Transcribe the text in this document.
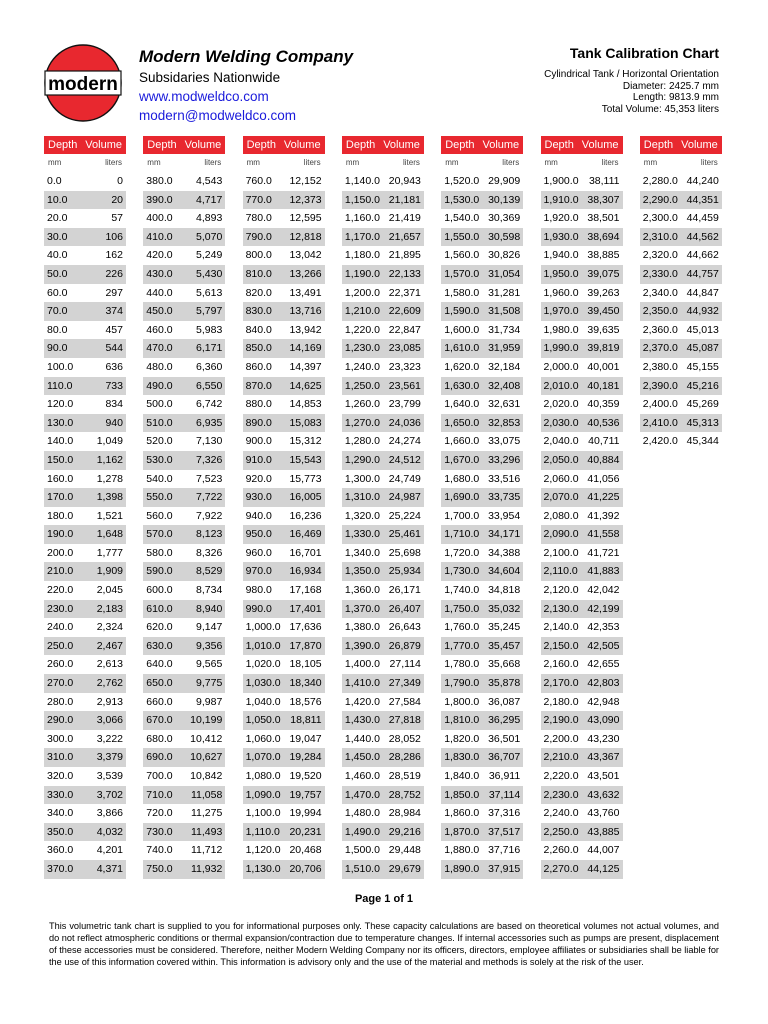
modern
Modern Welding Company
Subsidaries Nationwide
www.modweldco.com
modern@modweldco.com
Tank Calibration Chart
Cylindrical Tank / Horizontal Orientation
Diameter: 2425.7 mm
Length: 9813.9 mm
Total Volume: 45,353 liters
Depth Volume
mm	liters
0.0	0
10.0	20
20.0	57
30.0	106
40.0	162
50.0	226
60.0	297
70.0	374
80.0	457
90.0	544
100.0	636
110.0	733
120.0	834
130.0	940
140.0 1,049
150.0 1,162
160.0 1,278
170.0 1,398
180.0 1,521
190.0 1,648
200.0 1,777
210.0 1,909
220.0 2,045
230.0 2,183
240.0 2,324
250.0 2,467
260.0 2,613
270.0 2,762
280.0 2,913
290.0 3,066
300.0 3,222
310.0 3,379
320.0 3,539
330.0 3,702
340.0 3,866
350.0 4,032
360.0 4,201
370.0 4,371
Depth Volume
mm	liters
380.0 4,543
390.0 4,717
400.0 4,893
410.0 5,070
420.0 5,249
430.0 5,430
440.0 5,613
450.0 5,797
460.0 5,983
470.0 6,171
480.0 6,360
490.0 6,550
500.0 6,742
510.0 6,935
520.0 7,130
530.0 7,326
540.0 7,523
550.0 7,722
560.0 7,922
570.0 8,123
580.0 8,326
590.0 8,529
600.0 8,734
610.0 8,940
620.0 9,147
630.0 9,356
640.0 9,565
650.0 9,775
660.0 9,987
670.0 10,199
680.0 10,412
690.0 10,627
700.0 10,842
710.0 11,058
720.0 11,275
730.0 11,493
740.0 11,712
750.0 11,932
Depth Volume
mm	liters
760.0 12,152
770.0 12,373
780.0 12,595
790.0 12,818
800.0 13,042
810.0 13,266
820.0 13,491
830.0 13,716
840.0 13,942
850.0 14,169
860.0 14,397
870.0 14,625
880.0 14,853
890.0 15,083
900.0 15,312
910.0 15,543
920.0 15,773
930.0 16,005
940.0 16,236
950.0 16,469
960.0 16,701
970.0 16,934
980.0 17,168
990.0 17,401
1,000.0 17,636
1,010.0 17,870
1,020.0 18,105
1,030.0 18,340
1,040.0 18,576
1,050.0 18,811
1,060.0 19,047
1,070.0 19,284
1,080.0 19,520
1,090.0 19,757
1,100.0 19,994
1,110.0 20,231
1,120.0 20,468
1,130.0 20,706
Depth Volume
mm	liters
1,140.0 20,943
1,150.0 21,181
1,160.0 21,419
1,170.0 21,657
1,180.0 21,895
1,190.0 22,133
1,200.0 22,371
1,210.0 22,609
1,220.0 22,847
1,230.0 23,085
1,240.0 23,323
1,250.0 23,561
1,260.0 23,799
1,270.0 24,036
1,280.0 24,274
1,290.0 24,512
1,300.0 24,749
1,310.0 24,987
1,320.0 25,224
1,330.0 25,461
1,340.0 25,698
1,350.0 25,934
1,360.0 26,171
1,370.0 26,407
1,380.0 26,643
1,390.0 26,879
1,400.0 27,114
1,410.0 27,349
1,420.0 27,584
1,430.0 27,818
1,440.0 28,052
1,450.0 28,286
1,460.0 28,519
1,470.0 28,752
1,480.0 28,984
1,490.0 29,216
1,500.0 29,448
1,510.0 29,679
Depth Volume
mm	liters
1,520.0 29,909
1,530.0 30,139
1,540.0 30,369
1,550.0 30,598
1,560.0 30,826
1,570.0 31,054
1,580.0 31,281
1,590.0 31,508
1,600.0 31,734
1,610.0 31,959
1,620.0 32,184
1,630.0 32,408
1,640.0 32,631
1,650.0 32,853
1,660.0 33,075
1,670.0 33,296
1,680.0 33,516
1,690.0 33,735
1,700.0 33,954
1,710.0 34,171
1,720.0 34,388
1,730.0 34,604
1,740.0 34,818
1,750.0 35,032
1,760.0 35,245
1,770.0 35,457
1,780.0 35,668
1,790.0 35,878
1,800.0 36,087
1,810.0 36,295
1,820.0 36,501
1,830.0 36,707
1,840.0 36,911
1,850.0 37,114
1,860.0 37,316
1,870.0 37,517
1,880.0 37,716
1,890.0 37,915
Depth Volume
mm	liters
1,900.0 38,111
1,910.0 38,307
1,920.0 38,501
1,930.0 38,694
1,940.0 38,885
1,950.0 39,075
1,960.0 39,263
1,970.0 39,450
1,980.0 39,635
1,990.0 39,819
2,000.0 40,001
2,010.0 40,181
2,020.0 40,359
2,030.0 40,536
2,040.0 40,711
2,050.0 40,884
2,060.0 41,056
2,070.0 41,225
2,080.0 41,392
2,090.0 41,558
2,100.0 41,721
2,110.0 41,883
2,120.0 42,042
2,130.0 42,199
2,140.0 42,353
2,150.0 42,505
2,160.0 42,655
2,170.0 42,803
2,180.0 42,948
2,190.0 43,090
2,200.0 43,230
2,210.0 43,367
2,220.0 43,501
2,230.0 43,632
2,240.0 43,760
2,250.0 43,885
2,260.0 44,007
2,270.0 44,125
Depth Volume
mm	liters
2,280.0 44,240
2,290.0 44,351
2,300.0 44,459
2,310.0 44,562
2,320.0 44,662
2,330.0 44,757
2,340.0 44,847
2,350.0 44,932
2,360.0 45,013
2,370.0 45,087
2,380.0 45,155
2,390.0 45,216
2,400.0 45,269
2,410.0 45,313
2,420.0 45,344
Page 1 of 1
This volumetric tank chart is supplied to you for informational purposes only. These capacity calculations are based on theoretical volumes not actual volumes, and do not reflect atmospheric conditions or thermal expansion/contraction due to temperature changes. If internal accessories such as pumps are present, displacement of these accessories must be considered. Therefore, neither Modern Welding Company nor its officers, directors, employee affiliates or subsidiaries shall be liable for the use of this information covered within. This information is advisory only and the use of the material and methods is solely at the risk of the user.
